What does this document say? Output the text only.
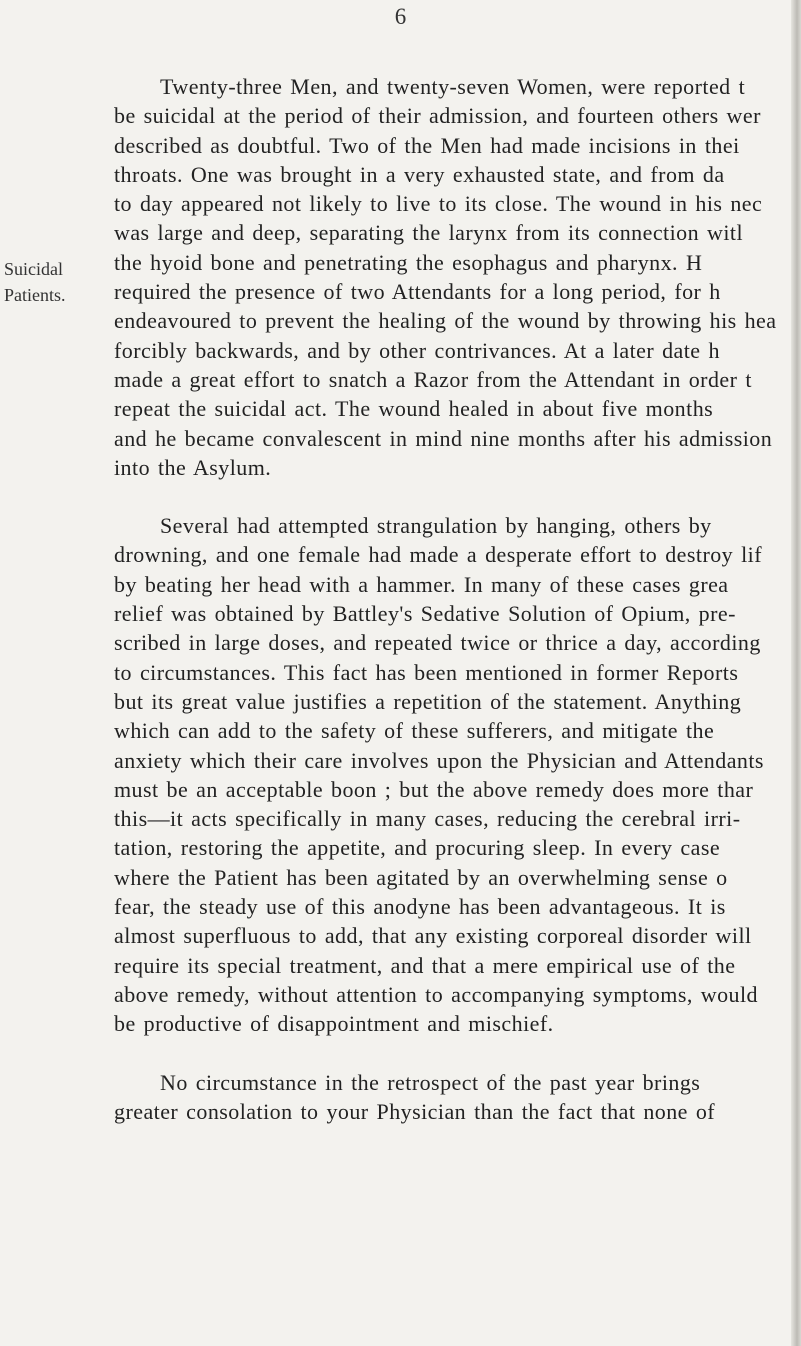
6
Suicidal
Patients.
Twenty-three Men, and twenty-seven Women, were reported t
be suicidal at the period of their admission, and fourteen others wer
described as doubtful. Two of the Men had made incisions in thei
throats. One was brought in a very exhausted state, and from da
to day appeared not likely to live to its close. The wound in his nec
was large and deep, separating the larynx from its connection witl
the hyoid bone and penetrating the esophagus and pharynx. H
required the presence of two Attendants for a long period, for h
endeavoured to prevent the healing of the wound by throwing his hea
forcibly backwards, and by other contrivances. At a later date h
made a great effort to snatch a Razor from the Attendant in order t
repeat the suicidal act. The wound healed in about five months
and he became convalescent in mind nine months after his admission
into the Asylum.
Several had attempted strangulation by hanging, others by
drowning, and one female had made a desperate effort to destroy lif
by beating her head with a hammer. In many of these cases grea
relief was obtained by Battley's Sedative Solution of Opium, pre-
scribed in large doses, and repeated twice or thrice a day, according
to circumstances. This fact has been mentioned in former Reports
but its great value justifies a repetition of the statement. Anything
which can add to the safety of these sufferers, and mitigate the
anxiety which their care involves upon the Physician and Attendants
must be an acceptable boon ; but the above remedy does more thar
this—it acts specifically in many cases, reducing the cerebral irri-
tation, restoring the appetite, and procuring sleep. In every case
where the Patient has been agitated by an overwhelming sense o
fear, the steady use of this anodyne has been advantageous. It is
almost superfluous to add, that any existing corporeal disorder will
require its special treatment, and that a mere empirical use of the
above remedy, without attention to accompanying symptoms, would
be productive of disappointment and mischief.
No circumstance in the retrospect of the past year brings
greater consolation to your Physician than the fact that none of
